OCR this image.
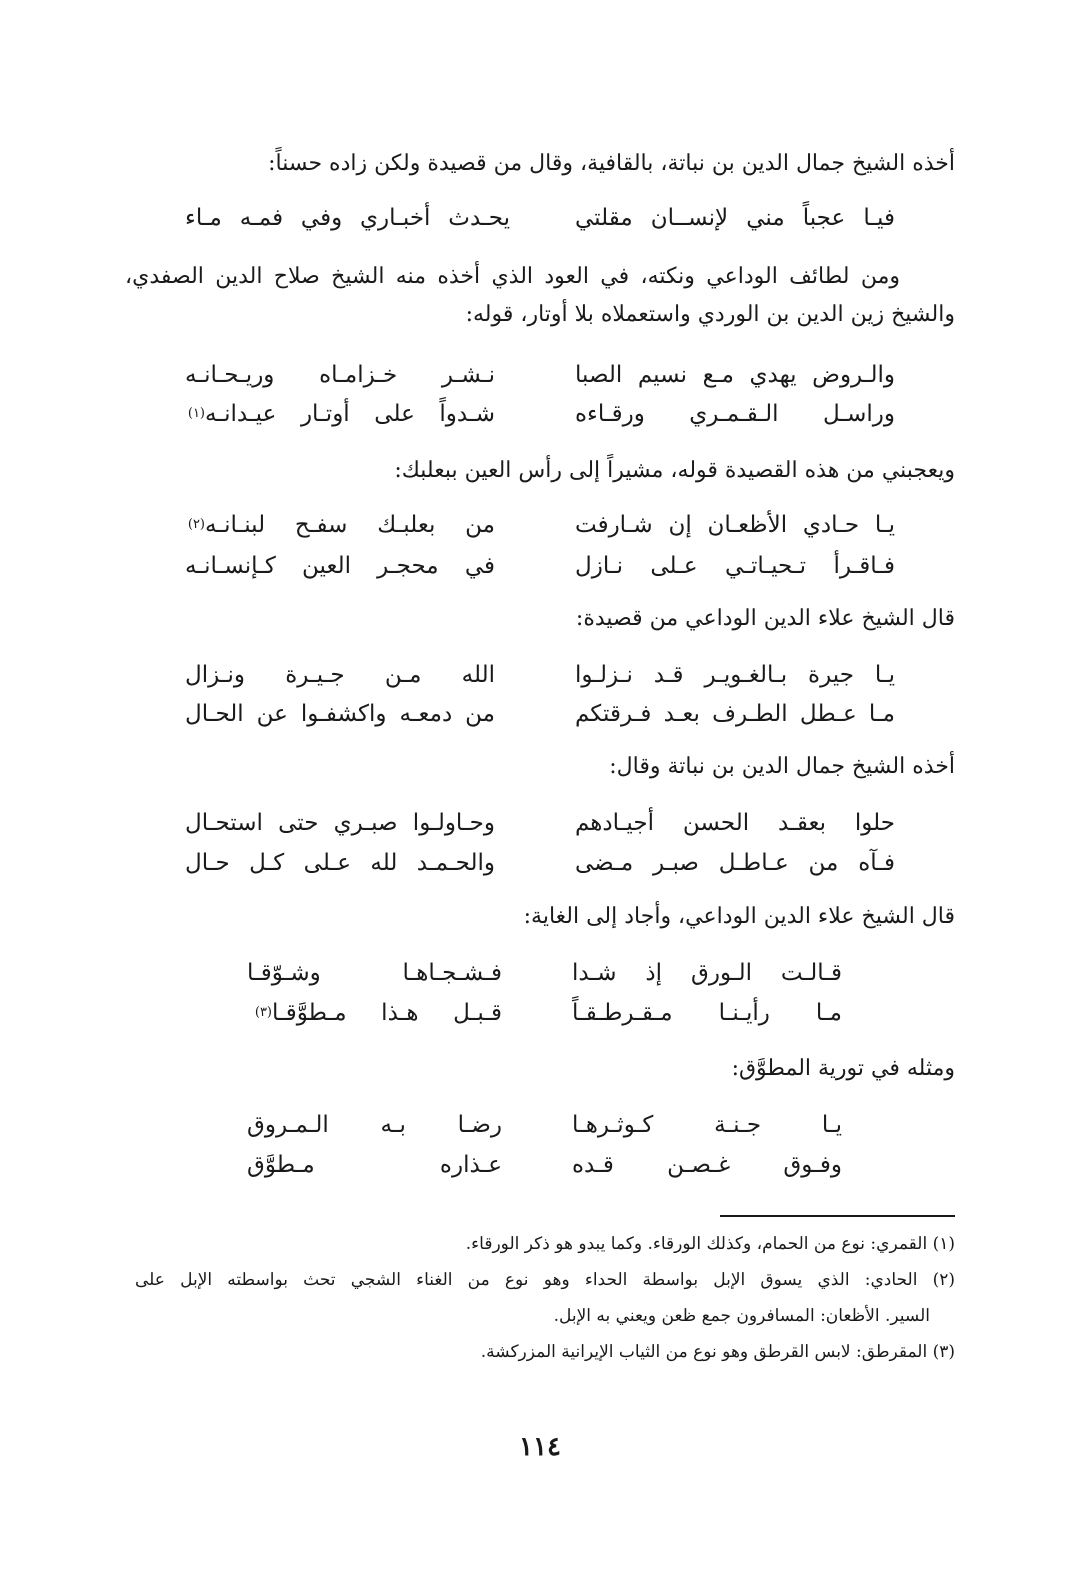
أخذه الشيخ جمال الدين بن نباتة، بالقافية، وقال من قصيدة ولكن زاده حسناً:

فيـا عجباً مني لإنســان مقلتي
يحـدث أخبـاري وفي فمـه مـاء

ومن لطائف الوداعي ونكته، في العود الذي أخذه منه الشيخ صلاح الدين الصفدي، والشيخ زين الدين بن الوردي واستعملاه بلا أوتار، قوله:

والـروض يهدي مـع نسيم الصبا
نـشـر خـزامـاه وريـحـانـه
وراسـل الـقـمـري ورقـاءه
شـدواً على أوتـار عيـدانـه
(١)

ويعجبني من هذه القصيدة قوله، مشيراً إلى رأس العين ببعلبك:

يـا حـادي الأظعـان إن شـارفت
من بعلبـك سفـح لبنـانـه
(٢)
فـاقـرأ تـحيـاتـي عـلى نـازل
في محجـر العين كـإنسـانـه

قال الشيخ علاء الدين الوداعي من قصيدة:

يـا جيرة بـالغـويـر قـد نـزلـوا
الله مـن جـيـرة ونـزال
مـا عـطل الطـرف بعـد فـرقتكم
من دمعـه واكشفـوا عن الحـال

أخذه الشيخ جمال الدين بن نباتة وقال:

حلوا بعقـد الحسن أجيـادهم
وحـاولـوا صبـري حتى استحـال
فـآه من عـاطـل صبـر مـضى
والحـمـد لله عـلى كـل حـال

قال الشيخ علاء الدين الوداعي، وأجاد إلى الغاية:

قـالـت الـورق إذ شـدا
فـشـجـاهـا وشـوّقـا
مـا رأيـنـا مـقـرطـقـاً
قـبـل هـذا مـطوَّقـا
(٣)

ومثله في تورية المطوَّق:

يـا جـنـة كـوثـرهـا
رضـا بـه الـمـروق
وفـوق غـصـن قـده
عـذاره مـطوَّق

(١) القمري: نوع من الحمام، وكذلك الورقاء. وكما يبدو هو ذكر الورقاء.

(٢) الحادي: الذي يسوق الإبل بواسطة الحداء وهو نوع من الغناء الشجي تحث بواسطته الإبل على

السير. الأظعان: المسافرون جمع ظعن ويعني به الإبل.

(٣) المقرطق: لابس القرطق وهو نوع من الثياب الإيرانية المزركشة.

١١٤
